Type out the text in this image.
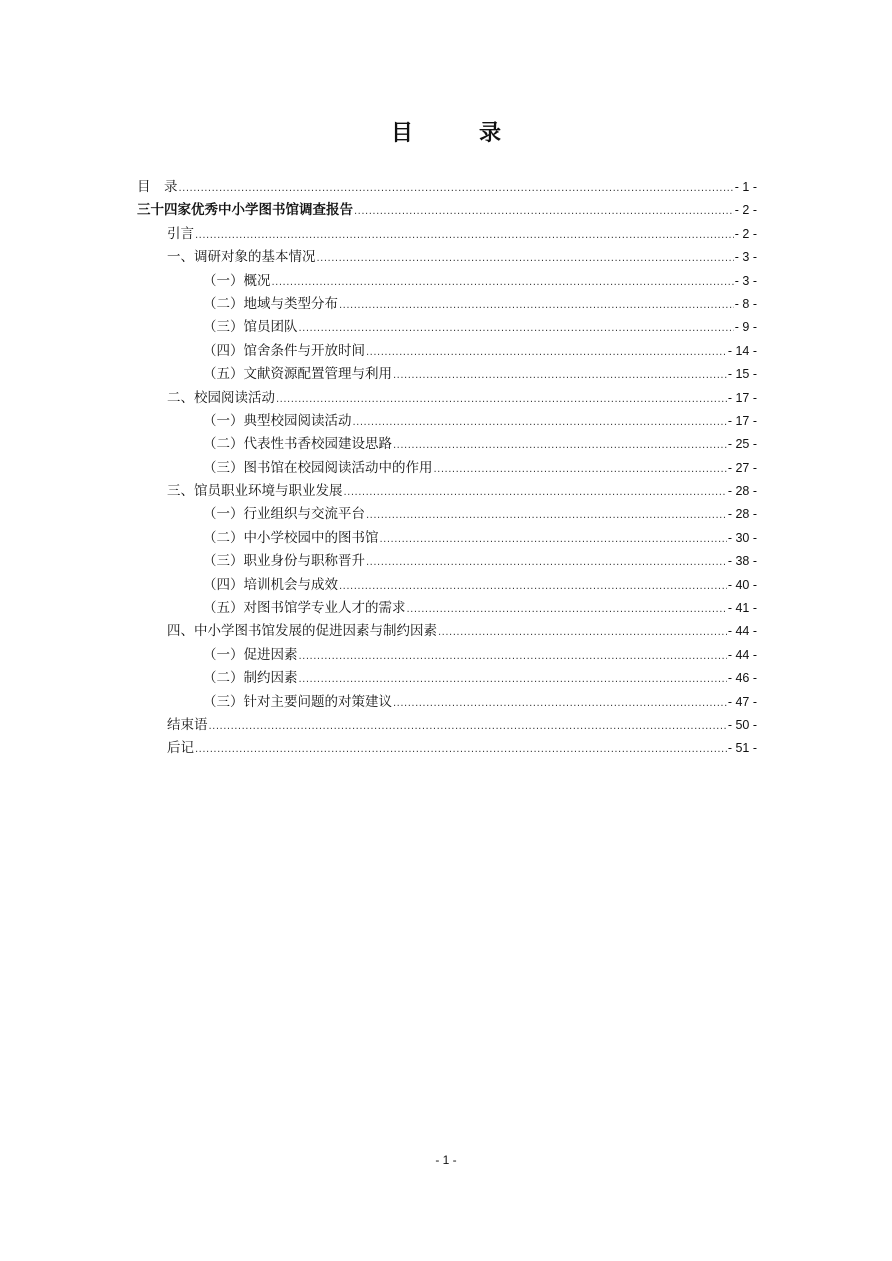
目　录
目　录 .....	- 1 -
三十四家优秀中小学图书馆调查报告 .....	- 2 -
引言 .....	- 2 -
一、调研对象的基本情况 .....	- 3 -
（一）概况 .....	- 3 -
（二）地域与类型分布 .....	- 8 -
（三）馆员团队 .....	- 9 -
（四）馆舍条件与开放时间 .....	- 14 -
（五）文献资源配置管理与利用 .....	- 15 -
二、校园阅读活动 .....	- 17 -
（一）典型校园阅读活动 .....	- 17 -
（二）代表性书香校园建设思路 .....	- 25 -
（三）图书馆在校园阅读活动中的作用 .....	- 27 -
三、馆员职业环境与职业发展 .....	- 28 -
（一）行业组织与交流平台 .....	- 28 -
（二）中小学校园中的图书馆 .....	- 30 -
（三）职业身份与职称晋升 .....	- 38 -
（四）培训机会与成效 .....	- 40 -
（五）对图书馆学专业人才的需求 .....	- 41 -
四、中小学图书馆发展的促进因素与制约因素 .....	- 44 -
（一）促进因素 .....	- 44 -
（二）制约因素 .....	- 46 -
（三）针对主要问题的对策建议 .....	- 47 -
结束语 .....	- 50 -
后记 .....	- 51 -
- 1 -
